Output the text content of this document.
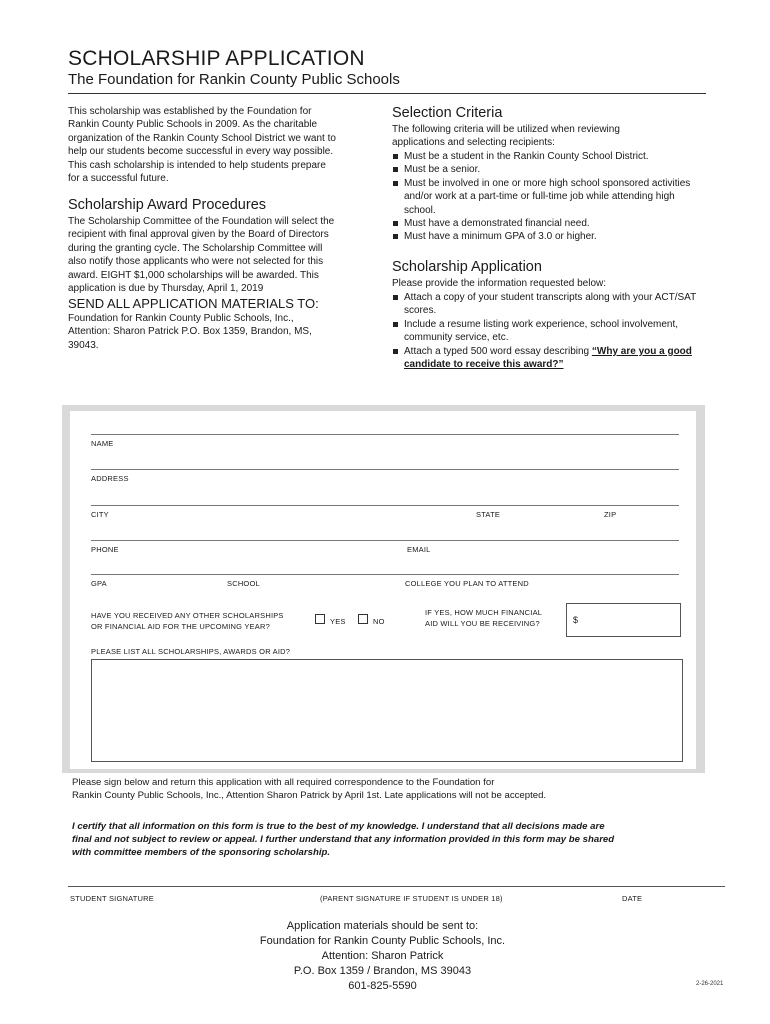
SCHOLARSHIP APPLICATION
The Foundation for Rankin County Public Schools
This scholarship was established by the Foundation for
Rankin County Public Schools in 2009. As the charitable
organization of the Rankin County School District we want to
help our students become successful in every way possible.
This cash scholarship is intended to help students prepare
for a successful future.
Scholarship Award Procedures
The Scholarship Committee of the Foundation will select the
recipient with final approval given by the Board of Directors
during the granting cycle. The Scholarship Committee will
also notify those applicants who were not selected for this
award. EIGHT $1,000 scholarships will be awarded. This
application is due by Thursday, April 1, 2019
SEND ALL APPLICATION MATERIALS TO:
Foundation for Rankin County Public Schools, Inc.,
Attention: Sharon Patrick P.O. Box 1359, Brandon, MS,
39043.
Selection Criteria
The following criteria will be utilized when reviewing
applications and selecting recipients:
Must be a student in the Rankin County School District.
Must be a senior.
Must be involved in one or more high school sponsored activities and/or work at a part-time or full-time job while attending high school.
Must have a demonstrated financial need.
Must have a minimum GPA of 3.0 or higher.
Scholarship Application
Please provide the information requested below:
Attach a copy of your student transcripts along with your ACT/SAT scores.
Include a resume listing work experience, school involvement, community service, etc.
Attach a typed 500 word essay describing “Why are you a good candidate to receive this award?”
NAME
ADDRESS
CITY	STATE	ZIP
PHONE	EMAIL
GPA	SCHOOL	COLLEGE YOU PLAN TO ATTEND
HAVE YOU RECEIVED ANY OTHER SCHOLARSHIPS
OR FINANCIAL AID FOR THE UPCOMING YEAR?
YES	NO
IF YES, HOW MUCH FINANCIAL
AID WILL YOU BE RECEIVING?	$
PLEASE LIST ALL SCHOLARSHIPS, AWARDS OR AID?
Please sign below and return this application with all required correspondence to the Foundation for
Rankin County Public Schools, Inc., Attention Sharon Patrick by April 1st. Late applications will not be accepted.
I certify that all information on this form is true to the best of my knowledge. I understand that all decisions made are
final and not subject to review or appeal. I further understand that any information provided in this form may be shared
with committee members of the sponsoring scholarship.
STUDENT SIGNATURE	(PARENT SIGNATURE IF STUDENT IS UNDER 18)	DATE
Application materials should be sent to:
Foundation for Rankin County Public Schools, Inc.
Attention: Sharon Patrick
P.O. Box 1359 / Brandon, MS 39043
601-825-5590	2-26-2021
